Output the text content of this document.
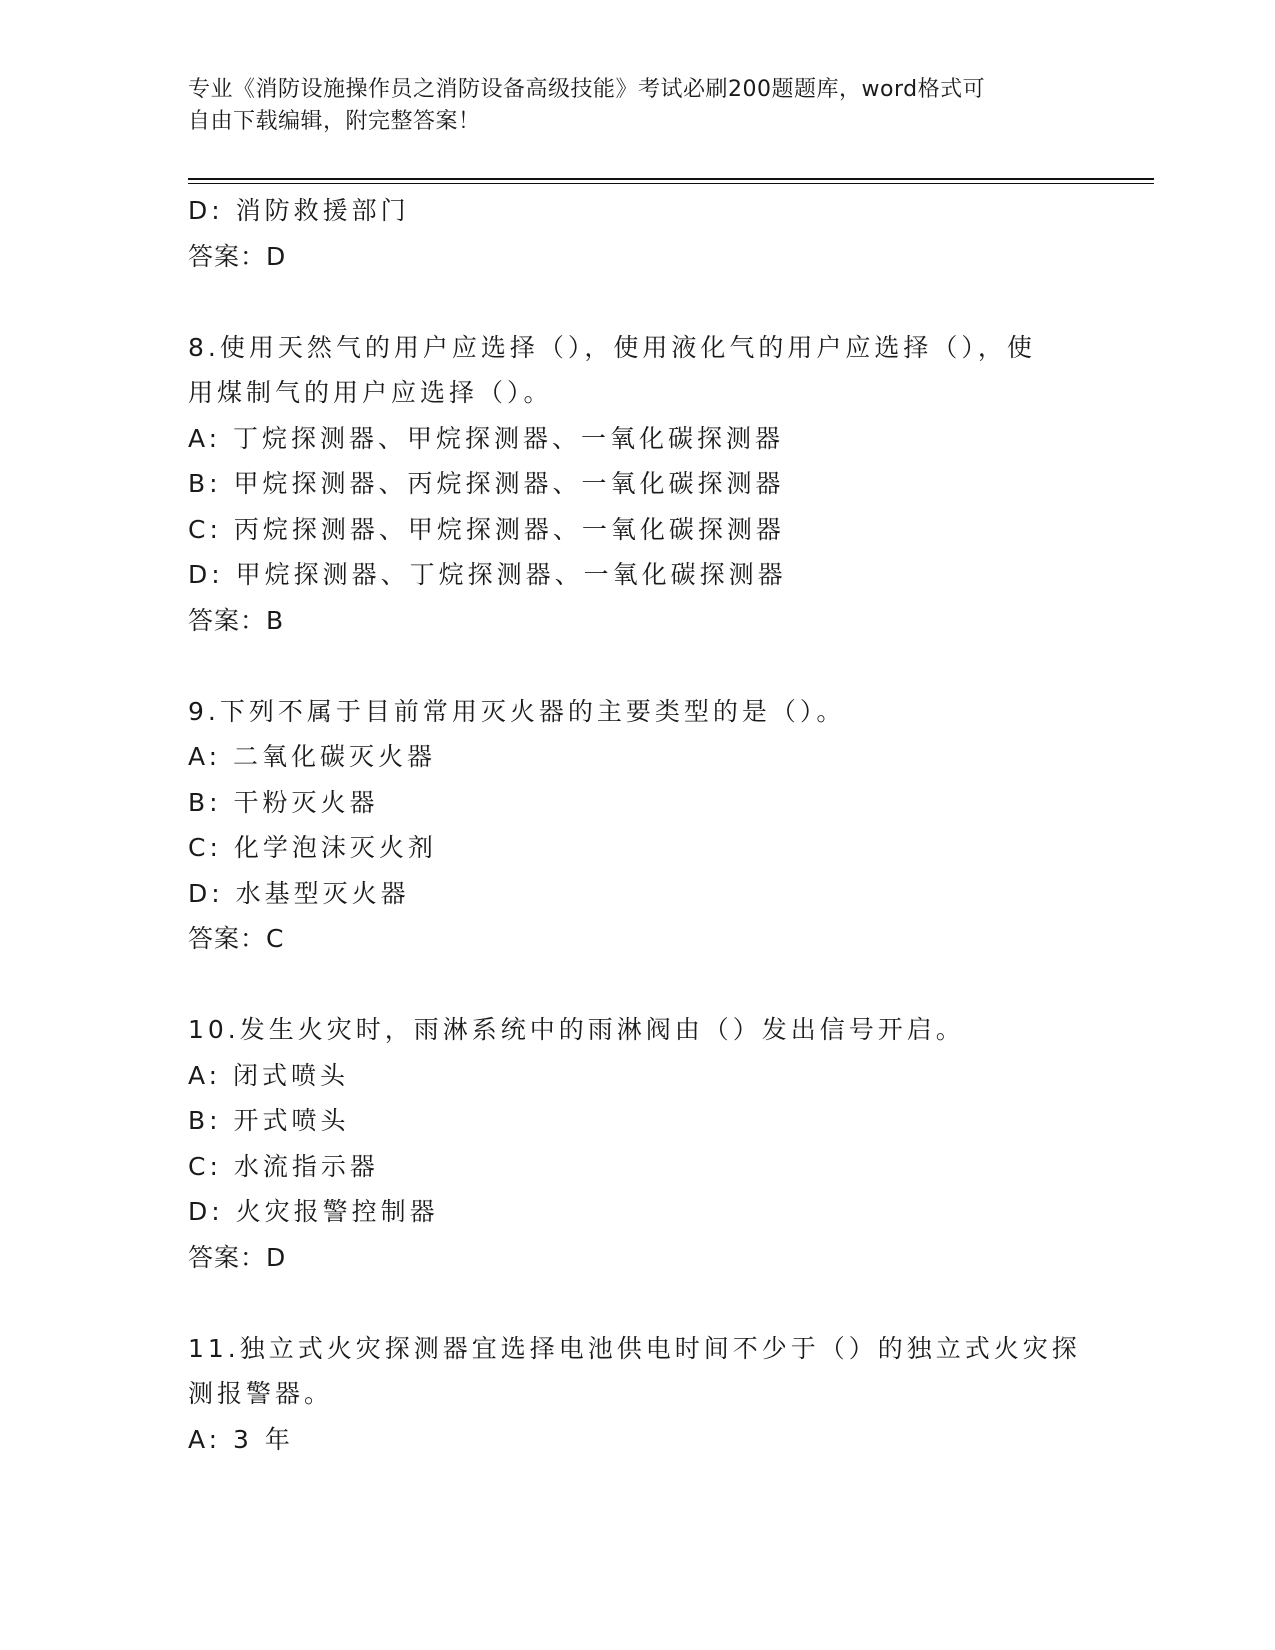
专业《消防设施操作员之消防设备高级技能》考试必刷200题题库，word格式可
自由下载编辑，附完整答案！
D: 消防救援部门
答案：D
8.使用天然气的用户应选择（），使用液化气的用户应选择（），使
用煤制气的用户应选择（）。
A: 丁烷探测器、甲烷探测器、一氧化碳探测器
B: 甲烷探测器、丙烷探测器、一氧化碳探测器
C: 丙烷探测器、甲烷探测器、一氧化碳探测器
D: 甲烷探测器、丁烷探测器、一氧化碳探测器
答案：B
9.下列不属于目前常用灭火器的主要类型的是（）。
A: 二氧化碳灭火器
B: 干粉灭火器
C: 化学泡沫灭火剂
D: 水基型灭火器
答案：C
10.发生火灾时，雨淋系统中的雨淋阀由（）发出信号开启。
A: 闭式喷头
B: 开式喷头
C: 水流指示器
D: 火灾报警控制器
答案：D
11.独立式火灾探测器宜选择电池供电时间不少于（）的独立式火灾探
测报警器。
A: 3 年
